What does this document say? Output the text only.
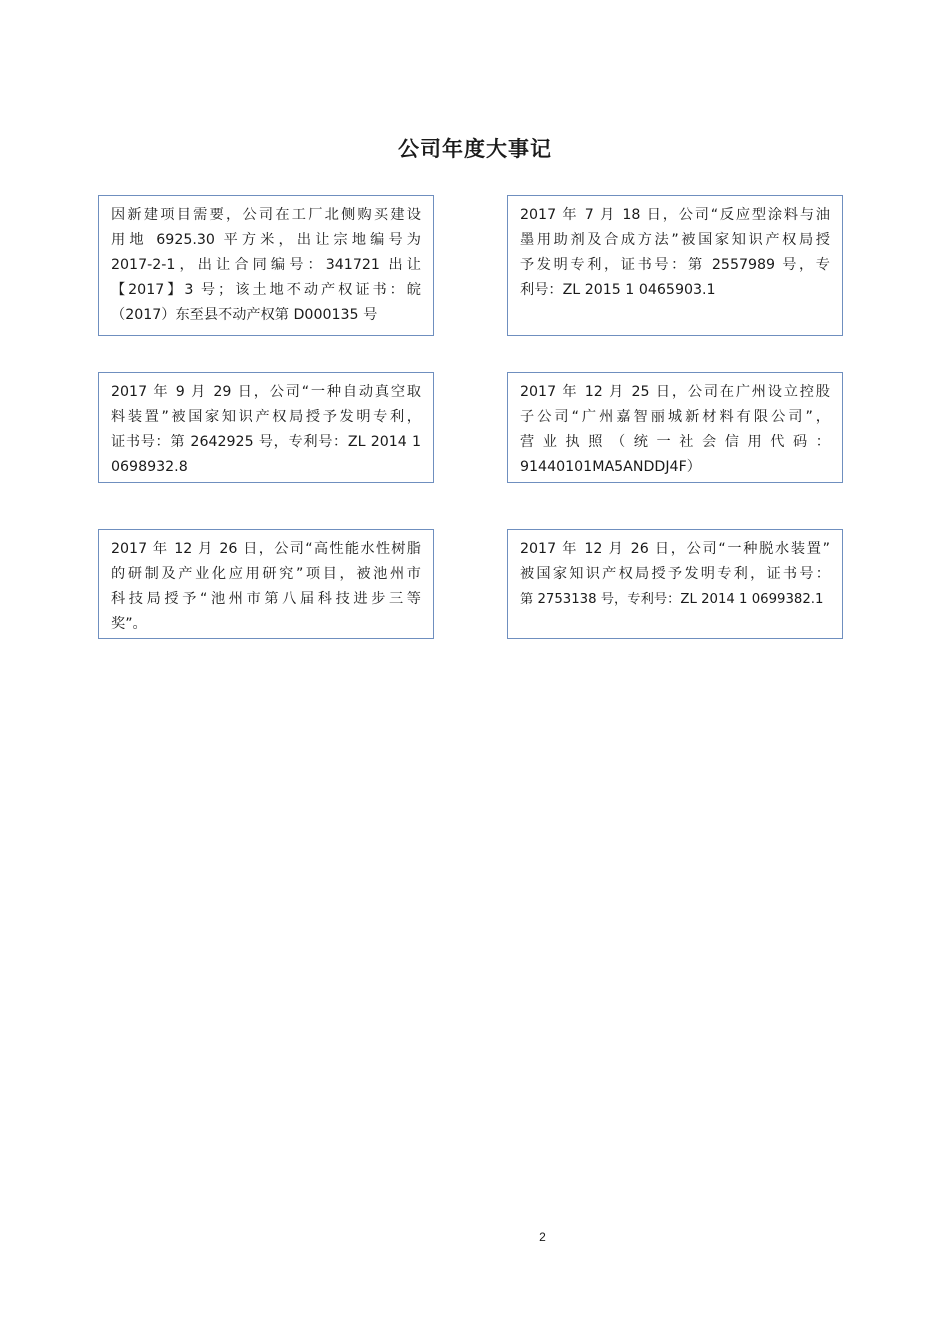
公司年度大事记
因新建项目需要，公司在工厂北侧购买建设
用地 6925.30 平方米，出让宗地编号为
2017-2-1，出让合同编号：341721 出让
【2017】3 号；该土地不动产权证书：皖
（2017）东至县不动产权第 D000135 号
2017 年 7 月 18 日，公司“反应型涂料与油
墨用助剂及合成方法”被国家知识产权局授
予发明专利，证书号：第 2557989 号，专
利号：ZL 2015 1 0465903.1
2017 年 9 月 29 日，公司“一种自动真空取
料装置”被国家知识产权局授予发明专利，
证书号：第 2642925 号，专利号：ZL 2014 1
0698932.8
2017 年 12 月 25 日，公司在广州设立控股
子公司“广州嘉智丽城新材料有限公司”，
营业执照（统一社会信用代码：
91440101MA5ANDDJ4F）
2017 年 12 月 26 日，公司“高性能水性树脂
的研制及产业化应用研究”项目，被池州市
科技局授予“池州市第八届科技进步三等
奖”。
2017 年 12 月 26 日，公司“一种脱水装置”
被国家知识产权局授予发明专利，证书号：
第 2753138 号，专利号：ZL 2014 1 0699382.1
2
